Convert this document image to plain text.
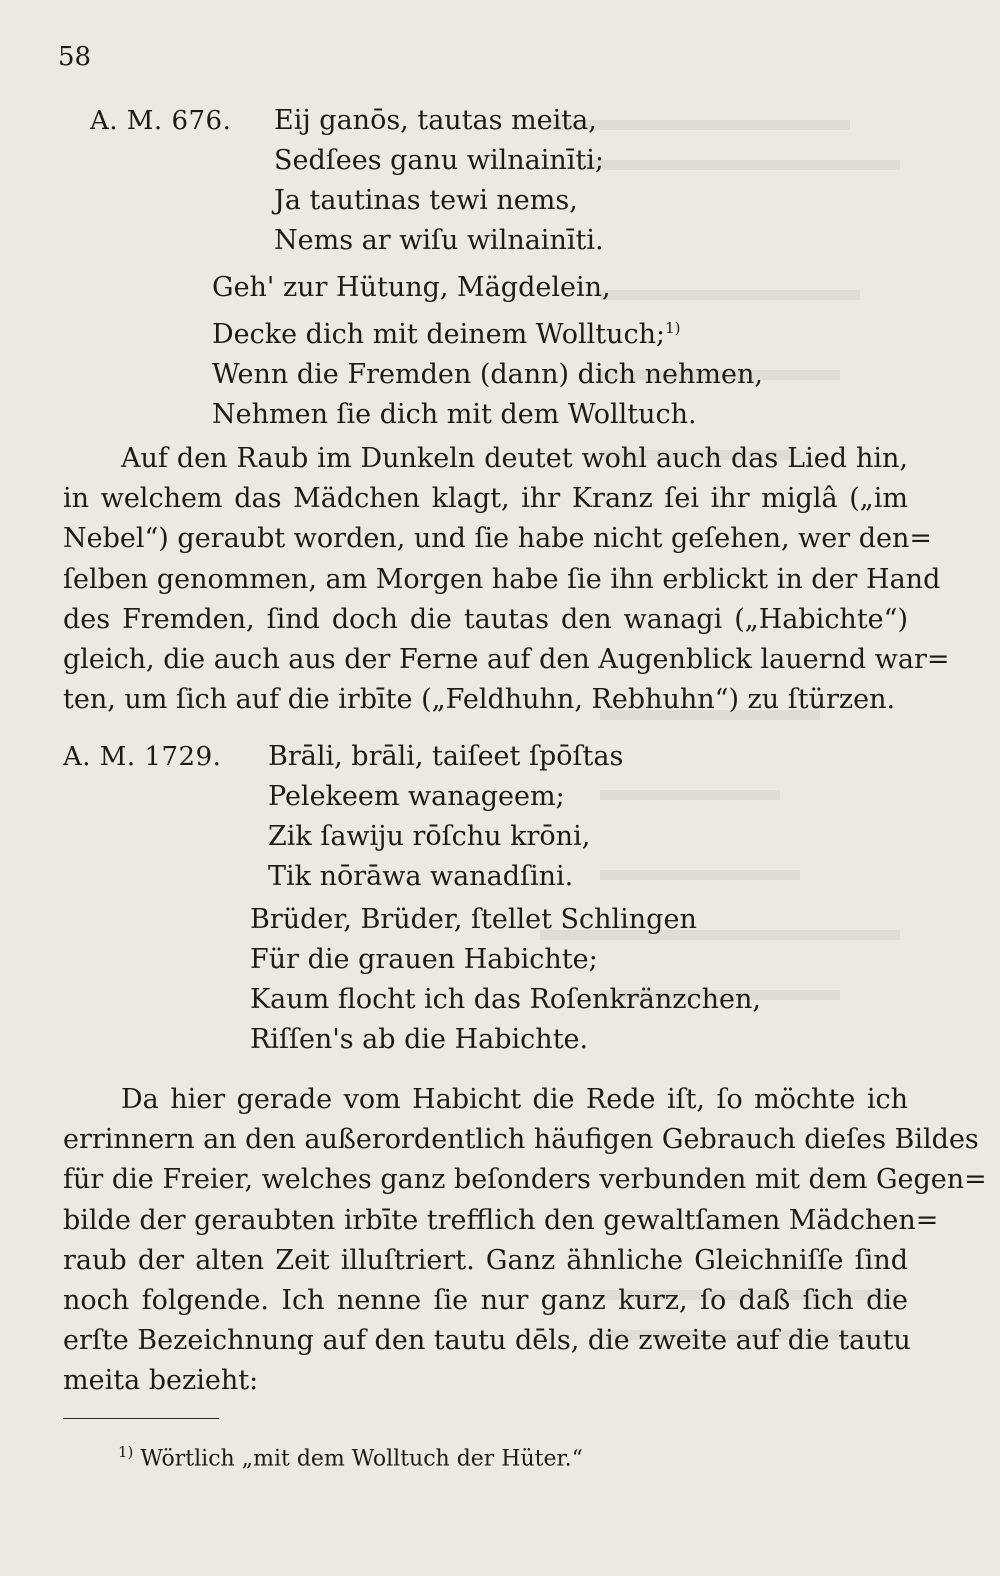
58
A. M. 676. Eij ganōs, tautas meita,
Sedſees ganu wilnainīti;
Ja tautinas tewi nems,
Nems ar wiſu wilnainīti.
Geh' zur Hütung, Mägdelein,
Decke dich mit deinem Wolltuch;$^{1)}$
Wenn die Fremden (dann) dich nehmen,
Nehmen ſie dich mit dem Wolltuch.
Auf den Raub im Dunkeln deutet wohl auch das Lied hin,
in welchem das Mädchen klagt, ihr Kranz ſei ihr miglâ („im
Nebel“) geraubt worden, und ſie habe nicht geſehen, wer den=
ſelben genommen, am Morgen habe ſie ihn erblickt in der Hand
des Fremden, ſind doch die tautas den wanagi („Habichte“)
gleich, die auch aus der Ferne auf den Augenblick lauernd war=
ten, um ſich auf die irbīte („Feldhuhn, Rebhuhn“) zu ſtürzen.
A. M. 1729. Brāli, brāli, taiſeet ſpōſtas
Pelekeem wanageem;
Zik ſawiju rōſchu krōni,
Tik nōrāwa wanadſini.
Brüder, Brüder, ſtellet Schlingen
Für die grauen Habichte;
Kaum flocht ich das Roſenkränzchen,
Riſſen's ab die Habichte.
Da hier gerade vom Habicht die Rede iſt, ſo möchte ich
errinnern an den außerordentlich häufigen Gebrauch dieſes Bildes
für die Freier, welches ganz beſonders verbunden mit dem Gegen=
bilde der geraubten irbīte trefflich den gewaltſamen Mädchen=
raub der alten Zeit illuſtriert. Ganz ähnliche Gleichniſſe ſind
noch folgende. Ich nenne ſie nur ganz kurz, ſo daß ſich die
erſte Bezeichnung auf den tautu dēls, die zweite auf die tautu
meita bezieht:
$^{1)}$ Wörtlich „mit dem Wolltuch der Hüter.“
